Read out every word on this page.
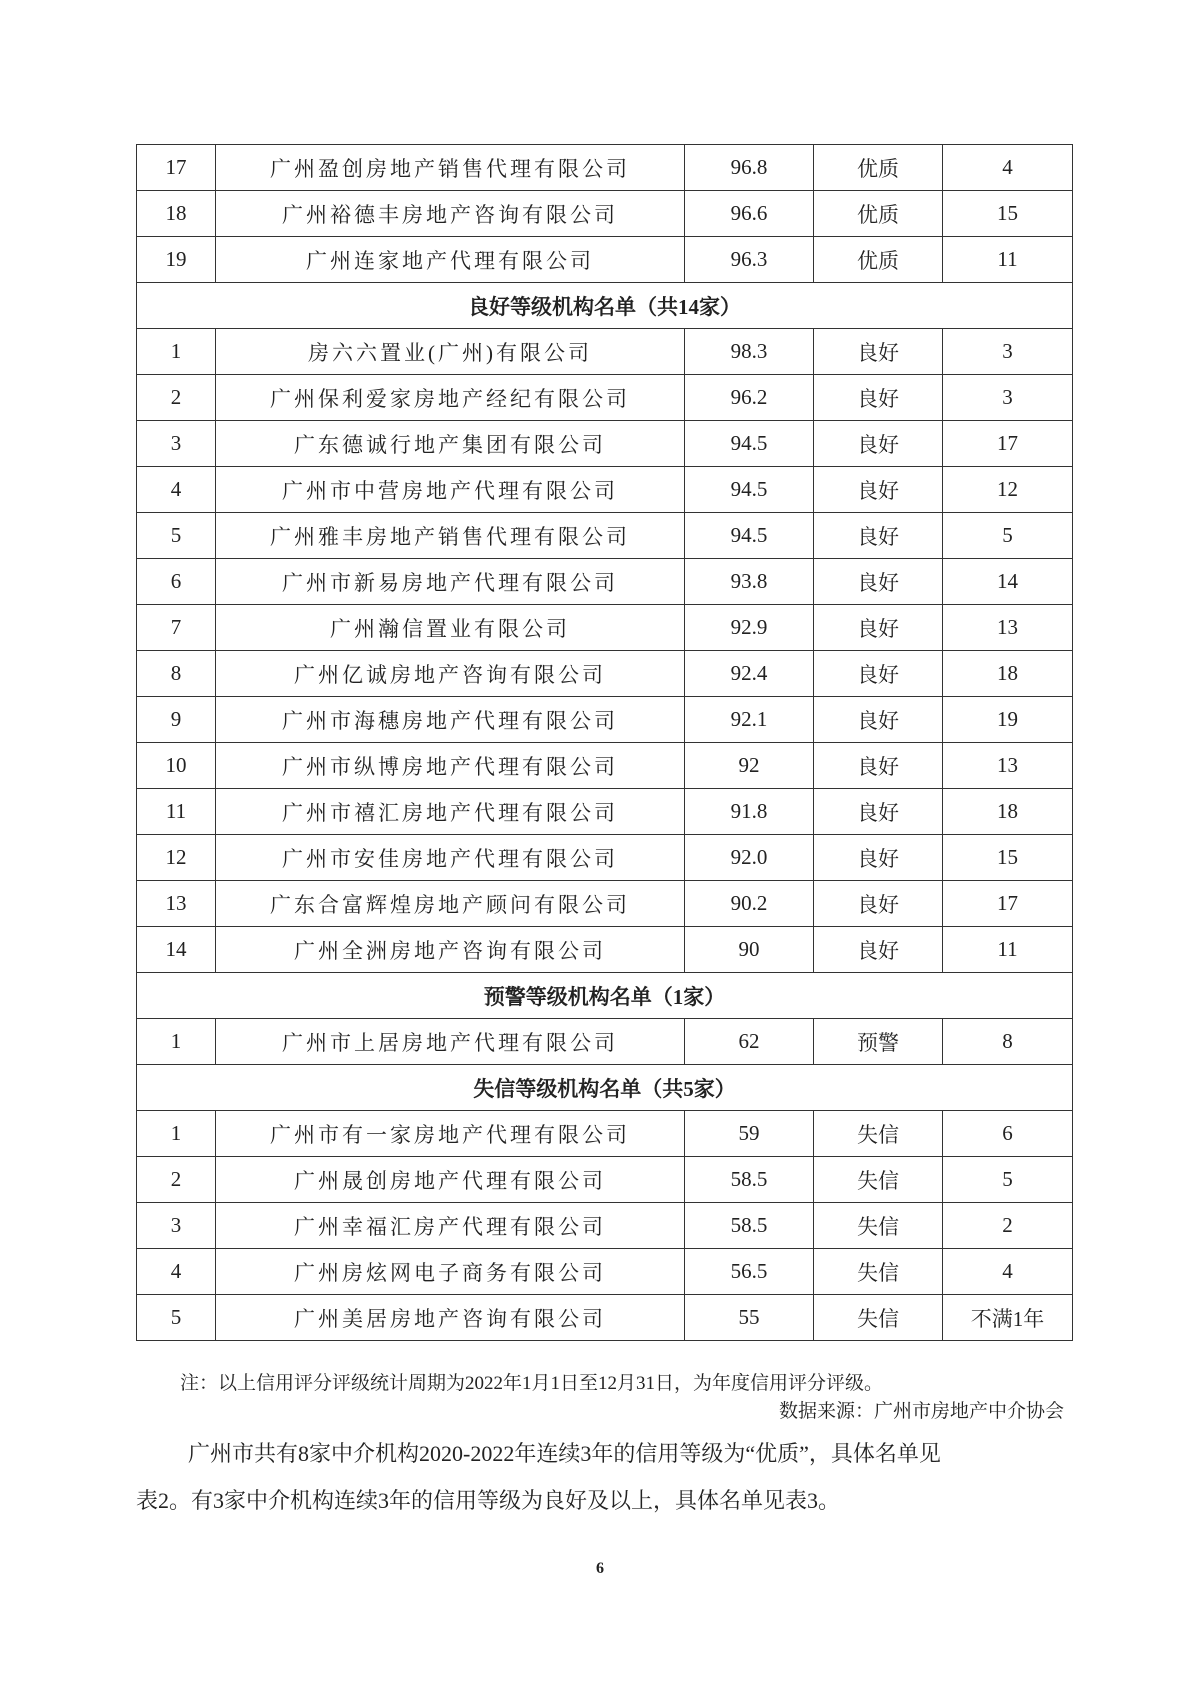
17	广州盈创房地产销售代理有限公司	96.8	优质	4
18	广州裕德丰房地产咨询有限公司	96.6	优质	15
19	广州连家地产代理有限公司	96.3	优质	11
良好等级机构名单（共14家）				
1	房六六置业(广州)有限公司	98.3	良好	3
2	广州保利爱家房地产经纪有限公司	96.2	良好	3
3	广东德诚行地产集团有限公司	94.5	良好	17
4	广州市中营房地产代理有限公司	94.5	良好	12
5	广州雅丰房地产销售代理有限公司	94.5	良好	5
6	广州市新易房地产代理有限公司	93.8	良好	14
7	广州瀚信置业有限公司	92.9	良好	13
8	广州亿诚房地产咨询有限公司	92.4	良好	18
9	广州市海穗房地产代理有限公司	92.1	良好	19
10	广州市纵博房地产代理有限公司	92	良好	13
11	广州市禧汇房地产代理有限公司	91.8	良好	18
12	广州市安佳房地产代理有限公司	92.0	良好	15
13	广东合富辉煌房地产顾问有限公司	90.2	良好	17
14	广州全洲房地产咨询有限公司	90	良好	11
预警等级机构名单（1家）				
1	广州市上居房地产代理有限公司	62	预警	8
失信等级机构名单（共5家）				
1	广州市有一家房地产代理有限公司	59	失信	6
2	广州晟创房地产代理有限公司	58.5	失信	5
3	广州幸福汇房产代理有限公司	58.5	失信	2
4	广州房炫网电子商务有限公司	56.5	失信	4
5	广州美居房地产咨询有限公司	55	失信	不满1年
注：以上信用评分评级统计周期为2022年1月1日至12月31日，为年度信用评分评级。
数据来源：广州市房地产中介协会
　　广州市共有8家中介机构2020-2022年连续3年的信用等级为“优质”，具体名单见
表2。有3家中介机构连续3年的信用等级为良好及以上，具体名单见表3。
6
